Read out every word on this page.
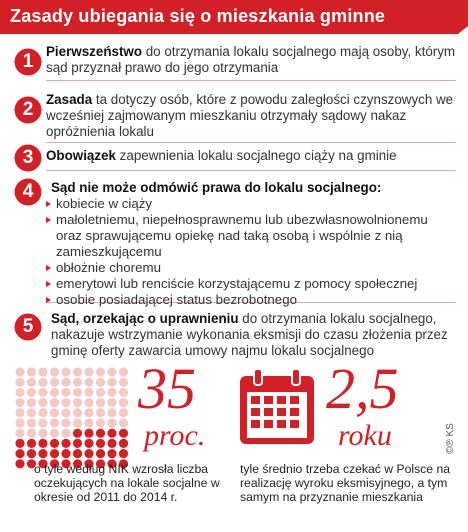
Zasady ubiegania się o mieszkania gminne
1 Pierwszeństwo do otrzymania lokalu socjalnego mają osoby, którym sąd przyznał prawo do jego otrzymania
2 Zasada ta dotyczy osób, które z powodu zaległości czynszowych we wcześniej zajmowanym mieszkaniu otrzymały sądowy nakaz opróżnienia lokalu
3 Obowiązek zapewnienia lokalu socjalnego ciąży na gminie
4	Sąd nie może odmówić prawa do lokalu socjalnego:
kobiecie w ciąży
małoletniemu, niepełnosprawnemu lub ubezwłasnowolnionemu oraz sprawującemu opiekę nad taką osobą i wspólnie z nią zamieszkującemu
obłożnie choremu
emerytowi lub renciście korzystającemu z pomocy społecznej
osobie posiadającej status bezrobotnego
5	Sąd, orzekając o uprawnieniu do otrzymania lokalu socjalnego, nakazuje wstrzymanie wykonania eksmisji do czasu złożenia przez gminę oferty zawarcia umowy najmu lokalu socjalnego
35
proc.
2,5
roku
o tyle według NIK wzrosła liczba oczekujących na lokale socjalne w okresie od 2011 do 2014 r.
tyle średnio trzeba czekać w Polsce na realizację wyroku eksmisyjnego, a tym samym na przyznanie mieszkania
©℗ KS
